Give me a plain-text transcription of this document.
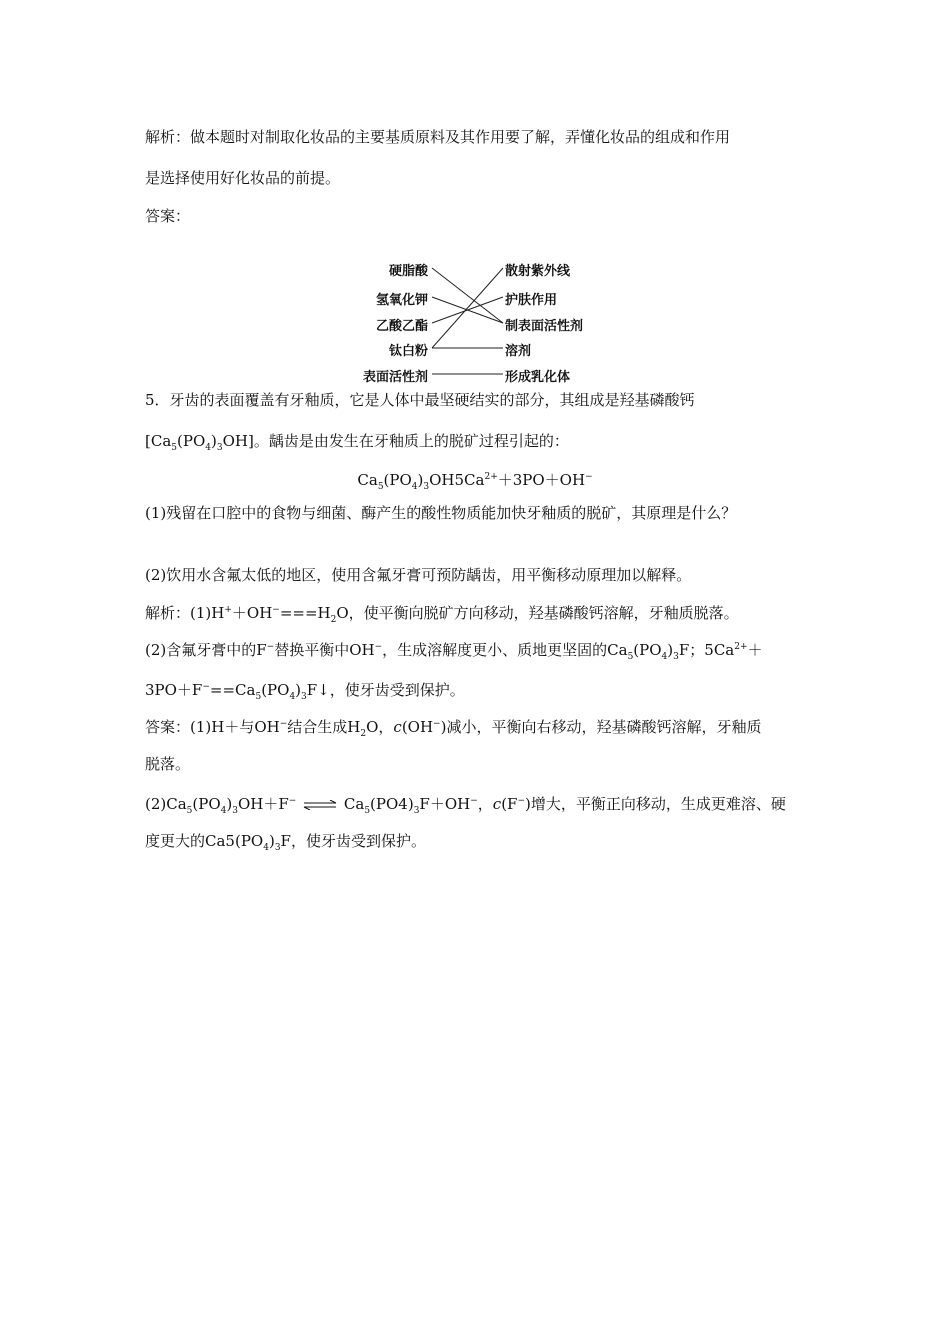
解析：做本题时对制取化妆品的主要基质原料及其作用要了解，弄懂化妆品的组成和作用
是选择使用好化妆品的前提。
答案：
硬脂酸
氢氧化钾
乙酸乙酯
钛白粉
表面活性剂
散射紫外线
护肤作用
制表面活性剂
溶剂
形成乳化体
5．牙齿的表面覆盖有牙釉质，它是人体中最坚硬结实的部分，其组成是羟基磷酸钙
$[Ca_5(PO_4)_3OH]$。龋齿是由发生在牙釉质上的脱矿过程引起的：
$Ca_5(PO_4)_3OH5Ca^{2+}+3PO+OH^-$
(1)残留在口腔中的食物与细菌、酶产生的酸性物质能加快牙釉质的脱矿，其原理是什么？
(2)饮用水含氟太低的地区，使用含氟牙膏可预防龋齿，用平衡移动原理加以解释。
解析：$(1)H^++OH^-===H_2O$，使平衡向脱矿方向移动，羟基磷酸钙溶解，牙釉质脱落。
(2)含氟牙膏中的F−替换平衡中OH−，生成溶解度更小、质地更坚固的$Ca_5(PO_4)_3F$；$5Ca^{2+}+$
$3PO+F^-==Ca_5(PO_4)_3F↓$，使牙齿受到保护。
答案：(1)H＋与OH−结合生成$H_2O$，c(OH−)减小，平衡向右移动，羟基磷酸钙溶解，牙釉质
脱落。
$(2)Ca_5(PO_4)_3OH+F^-$ ⇌ $Ca_5(PO4)_3F+OH^-$，c(F−)增大，平衡正向移动，生成更难溶、硬
度更大的$Ca5(PO_4)_3F$，使牙齿受到保护。
